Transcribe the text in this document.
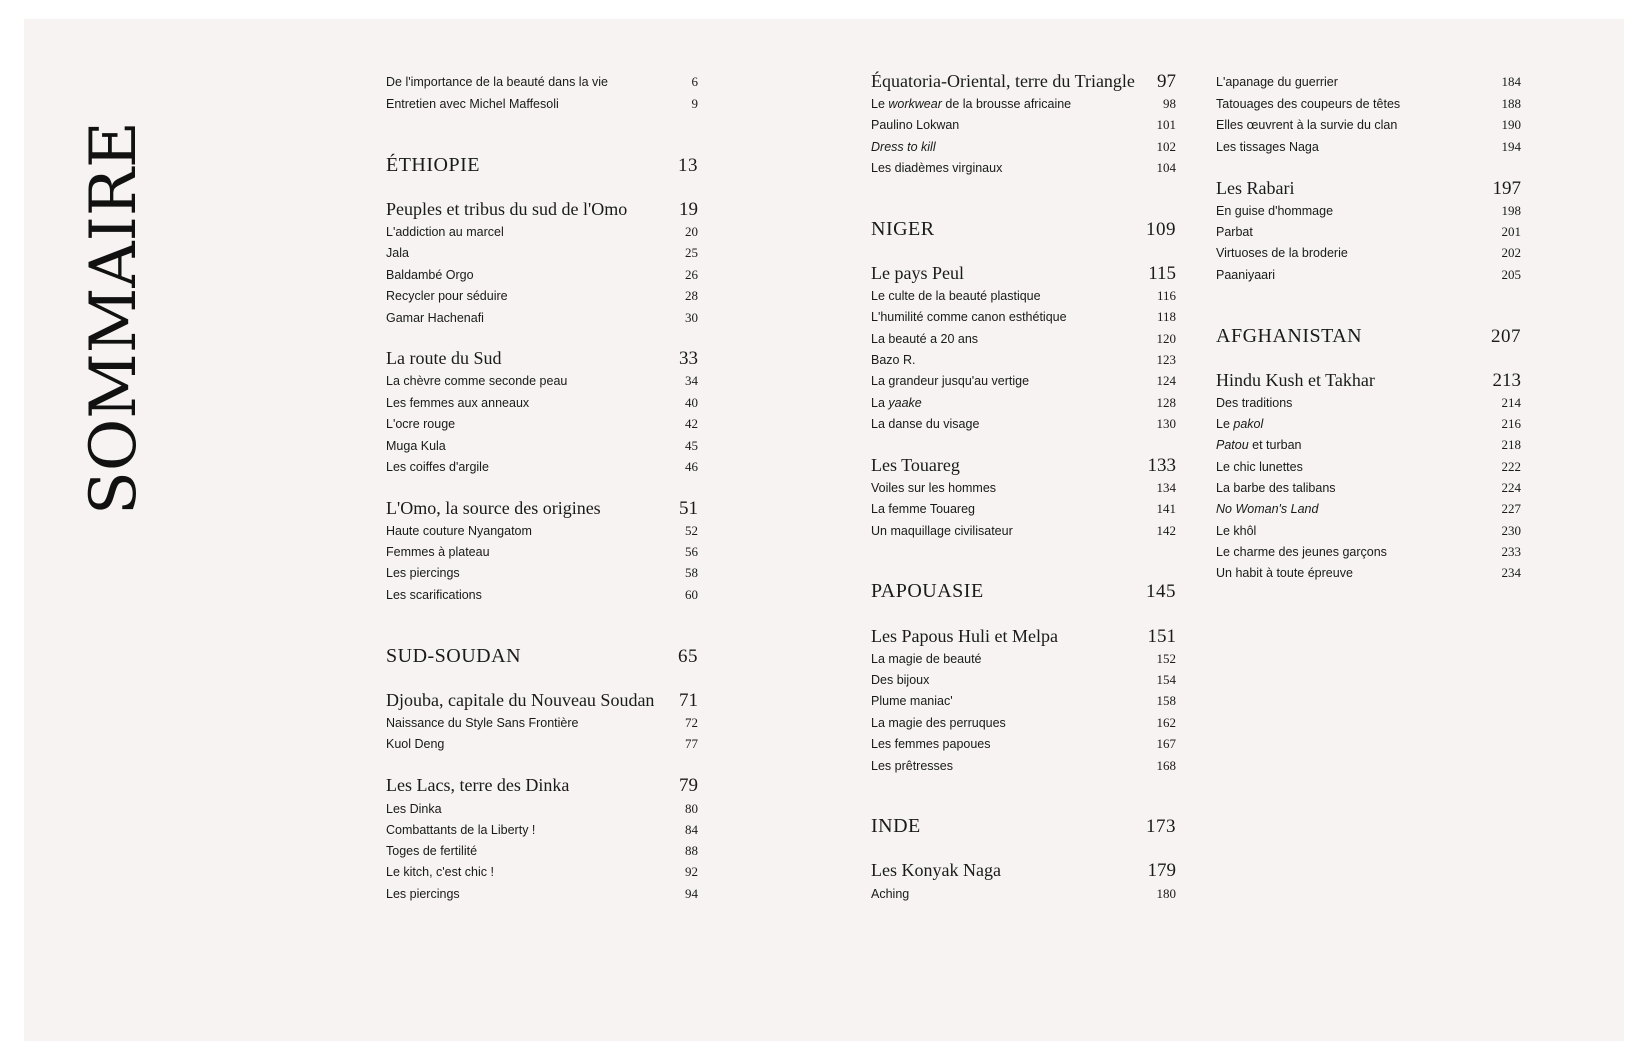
SOMMAIRE
De l'importance de la beauté dans la vie	6
Entretien avec Michel Maffesoli	9
ÉTHIOPIE	13
Peuples et tribus du sud de l'Omo	19
L'addiction au marcel	20
Jala	25
Baldambé Orgo	26
Recycler pour séduire	28
Gamar Hachenafi	30
La route du Sud	33
La chèvre comme seconde peau	34
Les femmes aux anneaux	40
L'ocre rouge	42
Muga Kula	45
Les coiffes d'argile	46
L'Omo, la source des origines	51
Haute couture Nyangatom	52
Femmes à plateau	56
Les piercings	58
Les scarifications	60
SUD-SOUDAN	65
Djouba, capitale du Nouveau Soudan 71
Naissance du Style Sans Frontière	72
Kuol Deng	77
Les Lacs, terre des Dinka	79
Les Dinka	80
Combattants de la Liberty !	84
Toges de fertilité	88
Le kitch, c'est chic !	92
Les piercings	94
Équatoria-Oriental, terre du Triangle 97
Le workwear de la brousse africaine	98
Paulino Lokwan	101
Dress to kill	102
Les diadèmes virginaux	104
NIGER	109
Le pays Peul	115
Le culte de la beauté plastique	116
L'humilité comme canon esthétique	118
La beauté a 20 ans	120
Bazo R.	123
La grandeur jusqu'au vertige	124
La yaake	128
La danse du visage	130
Les Touareg	133
Voiles sur les hommes	134
La femme Touareg	141
Un maquillage civilisateur	142
PAPOUASIE	145
Les Papous Huli et Melpa	151
La magie de beauté	152
Des bijoux	154
Plume maniac'	158
La magie des perruques	162
Les femmes papoues	167
Les prêtresses	168
INDE	173
Les Konyak Naga	179
Aching	180
L'apanage du guerrier	184
Tatouages des coupeurs de têtes	188
Elles œuvrent à la survie du clan	190
Les tissages Naga	194
Les Rabari	197
En guise d'hommage	198
Parbat	201
Virtuoses de la broderie	202
Paaniyaari	205
AFGHANISTAN	207
Hindu Kush et Takhar	213
Des traditions	214
Le pakol	216
Patou et turban	218
Le chic lunettes	222
La barbe des talibans	224
No Woman's Land	227
Le khôl	230
Le charme des jeunes garçons	233
Un habit à toute épreuve	234
